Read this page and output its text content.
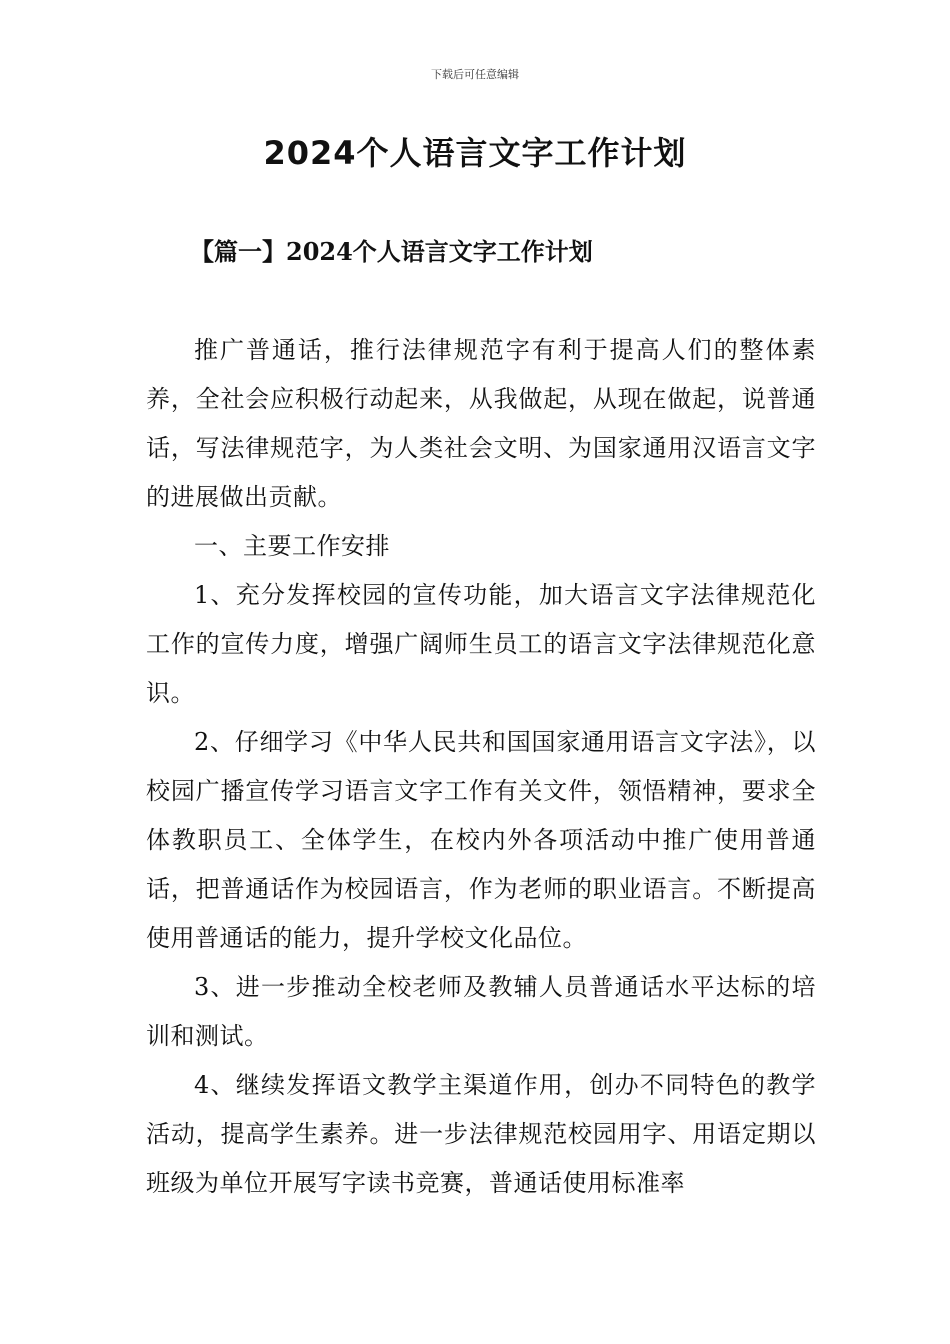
下载后可任意编辑
2024个人语言文字工作计划
【篇一】2024个人语言文字工作计划

推广普通话，推行法律规范字有利于提高人们的整体素养，全社会应积极行动起来，从我做起，从现在做起，说普通话，写法律规范字，为人类社会文明、为国家通用汉语言文字的进展做出贡献。

一、主要工作安排

1、充分发挥校园的宣传功能，加大语言文字法律规范化工作的宣传力度，增强广阔师生员工的语言文字法律规范化意识。

2、仔细学习《中华人民共和国国家通用语言文字法》，以校园广播宣传学习语言文字工作有关文件，领悟精神，要求全体教职员工、全体学生，在校内外各项活动中推广使用普通话，把普通话作为校园语言，作为老师的职业语言。不断提高使用普通话的能力，提升学校文化品位。

3、进一步推动全校老师及教辅人员普通话水平达标的培训和测试。

4、继续发挥语文教学主渠道作用，创办不同特色的教学活动，提高学生素养。进一步法律规范校园用字、用语定期以班级为单位开展写字读书竞赛，普通话使用标准率
